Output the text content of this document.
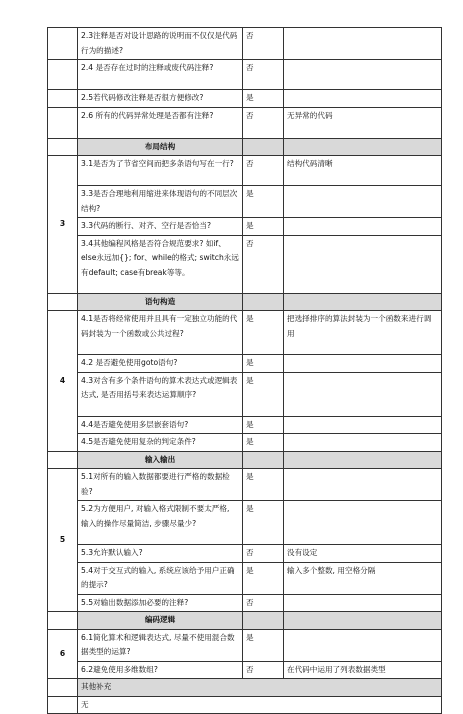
	2.3注释是否对设计思路的说明而不仅仅是代码行为的描述?	否	
	2.4 是否存在过时的注释或废代码注释?	否	
	2.5若代码修改注释是否很方便修改?	是	
	2.6 所有的代码异常处理是否都有注释?	否	无异常的代码
	布局结构		
3	3.1是否为了节省空间而把多条语句写在一行?	否	结构代码清晰
	3.3是否合理地利用缩进来体现语句的不同层次结构?	是	
	3.3代码的断行、对齐、空行是否恰当?	是	
	3.4其他编程风格是否符合规范要求? 如if、else永远加{}; for、while的格式; switch永远有default; case有break等等。	否	
	语句构造		
4	4.1是否将经常使用并且具有一定独立功能的代码封装为一个函数或公共过程?	是	把选择排序的算法封装为一个函数来进行调用
	4.2 是否避免使用goto语句?	是	
	4.3对含有多个条件语句的算术表达式或逻辑表达式, 是否用括号来表达运算顺序?	是	
	4.4是否避免使用多层嵌套语句?	是	
	4.5是否避免使用复杂的判定条件?	是	
	输入输出		
5	5.1对所有的输入数据都要进行严格的数据检验?	是	
	5.2为方便用户, 对输入格式限制不要太严格, 输入的操作尽量简洁, 步骤尽量少?	是	
	5.3允许默认输入?	否	没有设定
	5.4对于交互式的输入, 系统应该给予用户正确的提示?	是	输入多个整数, 用空格分隔
	5.5对输出数据添加必要的注释?	否	
	编码逻辑		
6	6.1简化算术和逻辑表达式, 尽量不使用混合数据类型的运算?	是	
	6.2避免使用多维数组?	否	在代码中运用了列表数据类型
	其他补充		
	无		
